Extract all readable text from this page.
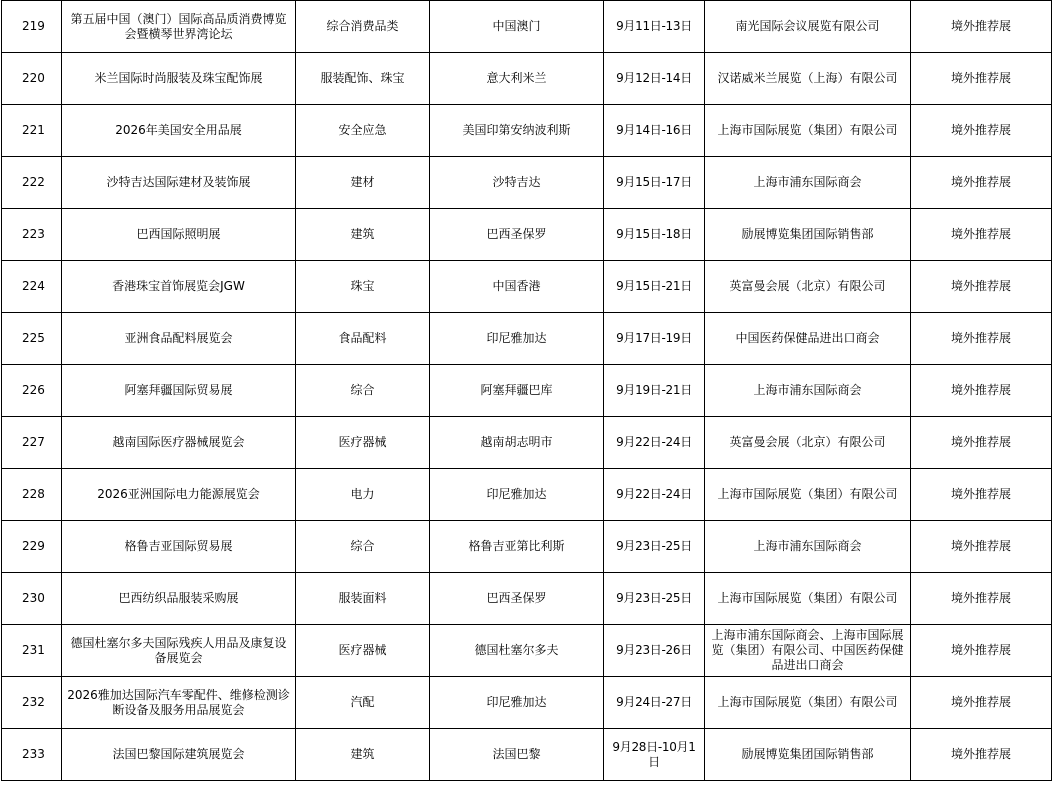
219	第五届中国（澳门）国际高品质消费博览会暨横琴世界湾论坛	综合消费品类	中国澳门	9月11日-13日	南光国际会议展览有限公司	境外推荐展
220	米兰国际时尚服装及珠宝配饰展	服装配饰、珠宝	意大利米兰	9月12日-14日	汉诺威米兰展览（上海）有限公司	境外推荐展
221	2026年美国安全用品展	安全应急	美国印第安纳波利斯	9月14日-16日	上海市国际展览（集团）有限公司	境外推荐展
222	沙特吉达国际建材及装饰展	建材	沙特吉达	9月15日-17日	上海市浦东国际商会	境外推荐展
223	巴西国际照明展	建筑	巴西圣保罗	9月15日-18日	励展博览集团国际销售部	境外推荐展
224	香港珠宝首饰展览会JGW	珠宝	中国香港	9月15日-21日	英富曼会展（北京）有限公司	境外推荐展
225	亚洲食品配料展览会	食品配料	印尼雅加达	9月17日-19日	中国医药保健品进出口商会	境外推荐展
226	阿塞拜疆国际贸易展	综合	阿塞拜疆巴库	9月19日-21日	上海市浦东国际商会	境外推荐展
227	越南国际医疗器械展览会	医疗器械	越南胡志明市	9月22日-24日	英富曼会展（北京）有限公司	境外推荐展
228	2026亚洲国际电力能源展览会	电力	印尼雅加达	9月22日-24日	上海市国际展览（集团）有限公司	境外推荐展
229	格鲁吉亚国际贸易展	综合	格鲁吉亚第比利斯	9月23日-25日	上海市浦东国际商会	境外推荐展
230	巴西纺织品服装采购展	服装面料	巴西圣保罗	9月23日-25日	上海市国际展览（集团）有限公司	境外推荐展
231	德国杜塞尔多夫国际残疾人用品及康复设备展览会	医疗器械	德国杜塞尔多夫	9月23日-26日	上海市浦东国际商会、上海市国际展览（集团）有限公司、中国医药保健品进出口商会	境外推荐展
232	2026雅加达国际汽车零配件、维修检测诊断设备及服务用品展览会	汽配	印尼雅加达	9月24日-27日	上海市国际展览（集团）有限公司	境外推荐展
233	法国巴黎国际建筑展览会	建筑	法国巴黎	9月28日-10月1日	励展博览集团国际销售部	境外推荐展
